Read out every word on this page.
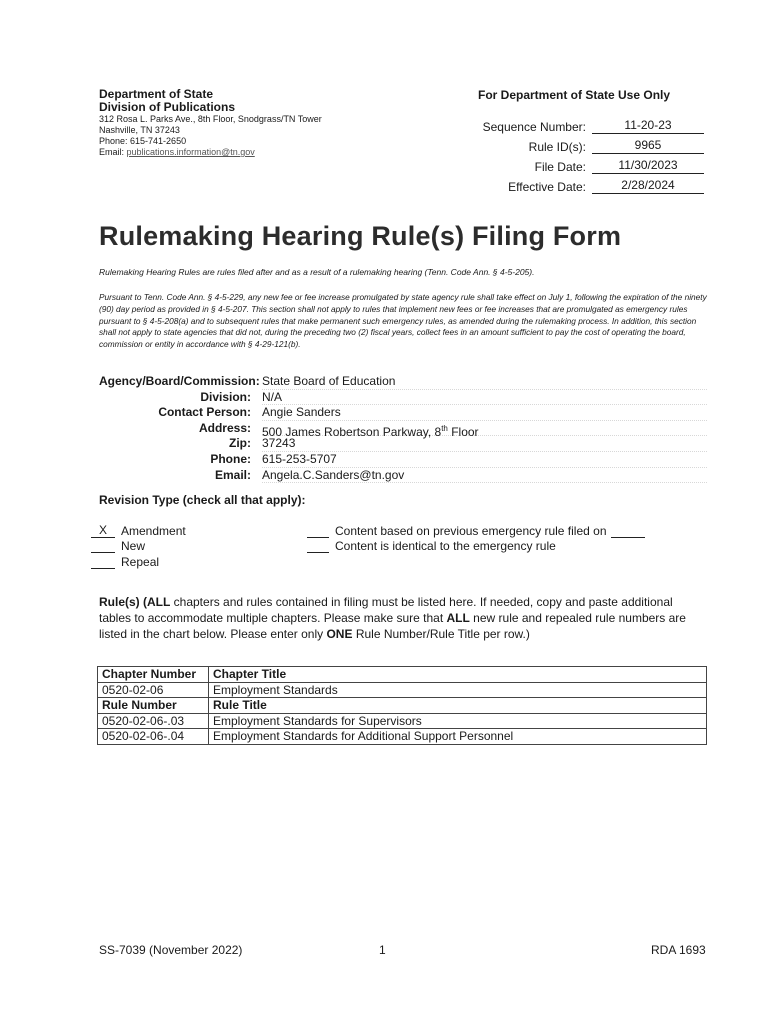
Department of State
Division of Publications
312 Rosa L. Parks Ave., 8th Floor, Snodgrass/TN Tower
Nashville, TN 37243
Phone: 615-741-2650
Email: publications.information@tn.gov
For Department of State Use Only
Sequence Number:	11-20-23
Rule ID(s):	9965
File Date:	11/30/2023
Effective Date:	2/28/2024
Rulemaking Hearing Rule(s) Filing Form
Rulemaking Hearing Rules are rules filed after and as a result of a rulemaking hearing (Tenn. Code Ann. § 4-5-205).
Pursuant to Tenn. Code Ann. § 4-5-229, any new fee or fee increase promulgated by state agency rule shall take effect on July 1, following the expiration of the ninety (90) day period as provided in § 4-5-207. This section shall not apply to rules that implement new fees or fee increases that are promulgated as emergency rules pursuant to § 4-5-208(a) and to subsequent rules that make permanent such emergency rules, as amended during the rulemaking process. In addition, this section shall not apply to state agencies that did not, during the preceding two (2) fiscal years, collect fees in an amount sufficient to pay the cost of operating the board, commission or entity in accordance with § 4-29-121(b).
Agency/Board/Commission: State Board of Education
Division: N/A
Contact Person: Angie Sanders
Address: 500 James Robertson Parkway, 8th Floor
Zip: 37243
Phone: 615-253-5707
Email: Angela.C.Sanders@tn.gov
Revision Type (check all that apply):
X	Amendment
New
Repeal
Content based on previous emergency rule filed on
Content is identical to the emergency rule
Rule(s) (ALL chapters and rules contained in filing must be listed here. If needed, copy and paste additional tables to accommodate multiple chapters. Please make sure that ALL new rule and repealed rule numbers are listed in the chart below. Please enter only ONE Rule Number/Rule Title per row.)
Chapter Number	Chapter Title
0520-02-06	Employment Standards
Rule Number	Rule Title
0520-02-06-.03	Employment Standards for Supervisors
0520-02-06-.04	Employment Standards for Additional Support Personnel
SS-7039 (November 2022)	1	RDA 1693
